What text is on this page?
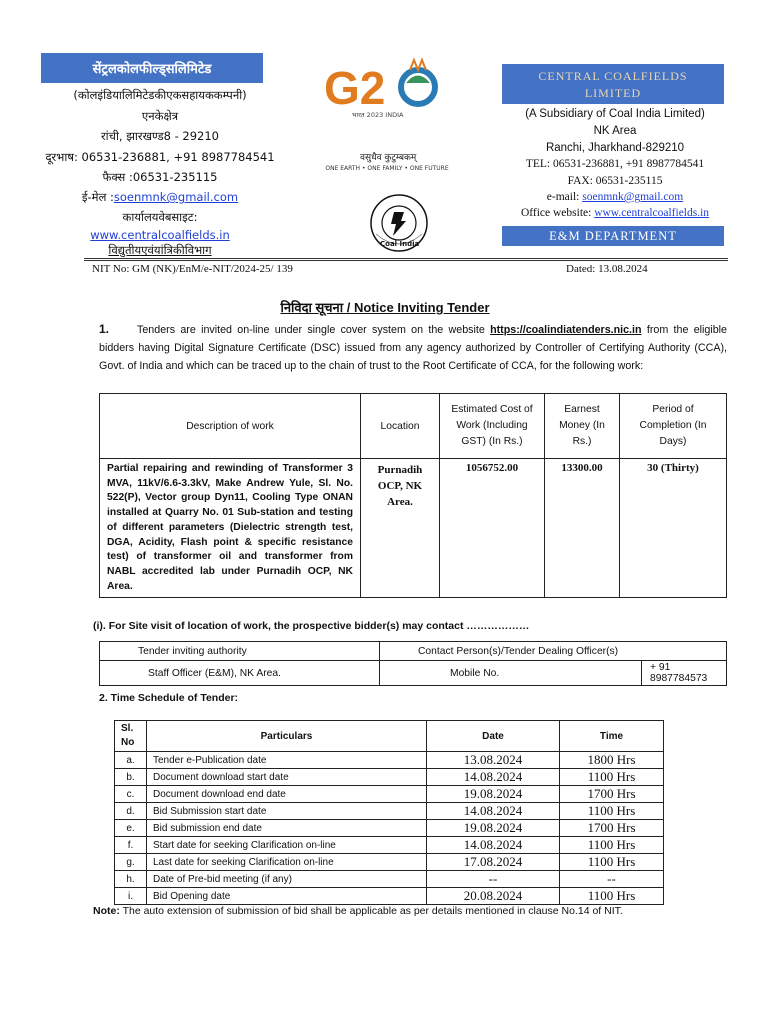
सेंट्रलकोलफील्ड्सलिमिटेड
(कोलइंडियालिमिटेडकीएकसहायककम्पनी)
एनकेक्षेत्र
रांची, झारखण्ड8 - 29210
दूरभाष: 06531-236881, +91 8987784541
फैक्स :06531-235115
ई-मेल :soenmnk@gmail.com
कार्यालयवेबसाइट:
www.centralcoalfields.in
विद्युतीयएवंयांत्रिकीविभाग
G2
भारत 2023 INDIA
वसुधैव कुटुम्बकम्
ONE EARTH • ONE FAMILY • ONE FUTURE
Coal India
CENTRAL COALFIELDS
LIMITED
(A Subsidiary of Coal India Limited)
NK Area
Ranchi, Jharkhand-829210
TEL: 06531-236881, +91 8987784541
FAX: 06531-235115
e-mail: soenmnk@gmail.com
Office website: www.centralcoalfields.in
E&M DEPARTMENT
NIT No: GM (NK)/EnM/e-NIT/2024-25/ 139	Dated: 13.08.2024
निविदा सूचना / Notice Inviting Tender
1.	Tenders are invited on-line under single cover system on the website https://coalindiatenders.nic.in from the eligible bidders having Digital Signature Certificate (DSC) issued from any agency authorized by Controller of Certifying Authority (CCA), Govt. of India and which can be traced up to the chain of trust to the Root Certificate of CCA, for the following work:
Description of work	Location	Estimated Cost of Work (Including GST) (In Rs.)	Earnest Money (In Rs.)	Period of Completion (In Days)
Partial repairing and rewinding of Transformer 3 MVA, 11kV/6.6-3.3kV, Make Andrew Yule, Sl. No. 522(P), Vector group Dyn11, Cooling Type ONAN installed at Quarry No. 01 Sub-station and testing of different parameters (Dielectric strength test, DGA, Acidity, Flash point & specific resistance test) of transformer oil and transformer from NABL accredited lab under Purnadih OCP, NK Area.	Purnadih OCP, NK Area.	1056752.00	13300.00	30 (Thirty)
(i). For Site visit of location of work, the prospective bidder(s) may contact ………………
Tender inviting authority	Contact Person(s)/Tender Dealing Officer(s)	
Staff Officer (E&M), NK Area.	Mobile No.	+ 91 8987784573
2. Time Schedule of Tender:
Sl. No	Particulars	Date	Time
a.	Tender e-Publication date	13.08.2024	1800 Hrs
b.	Document download start date	14.08.2024	1100 Hrs
c.	Document download end date	19.08.2024	1700 Hrs
d.	Bid Submission start date	14.08.2024	1100 Hrs
e.	Bid submission end date	19.08.2024	1700 Hrs
f.	Start date for seeking Clarification on-line	14.08.2024	1100 Hrs
g.	Last date for seeking Clarification on-line	17.08.2024	1100 Hrs
h.	Date of Pre-bid meeting (if any)	--	--
i.	Bid Opening date	20.08.2024	1100 Hrs
Note: The auto extension of submission of bid shall be applicable as per details mentioned in clause No.14 of NIT.
